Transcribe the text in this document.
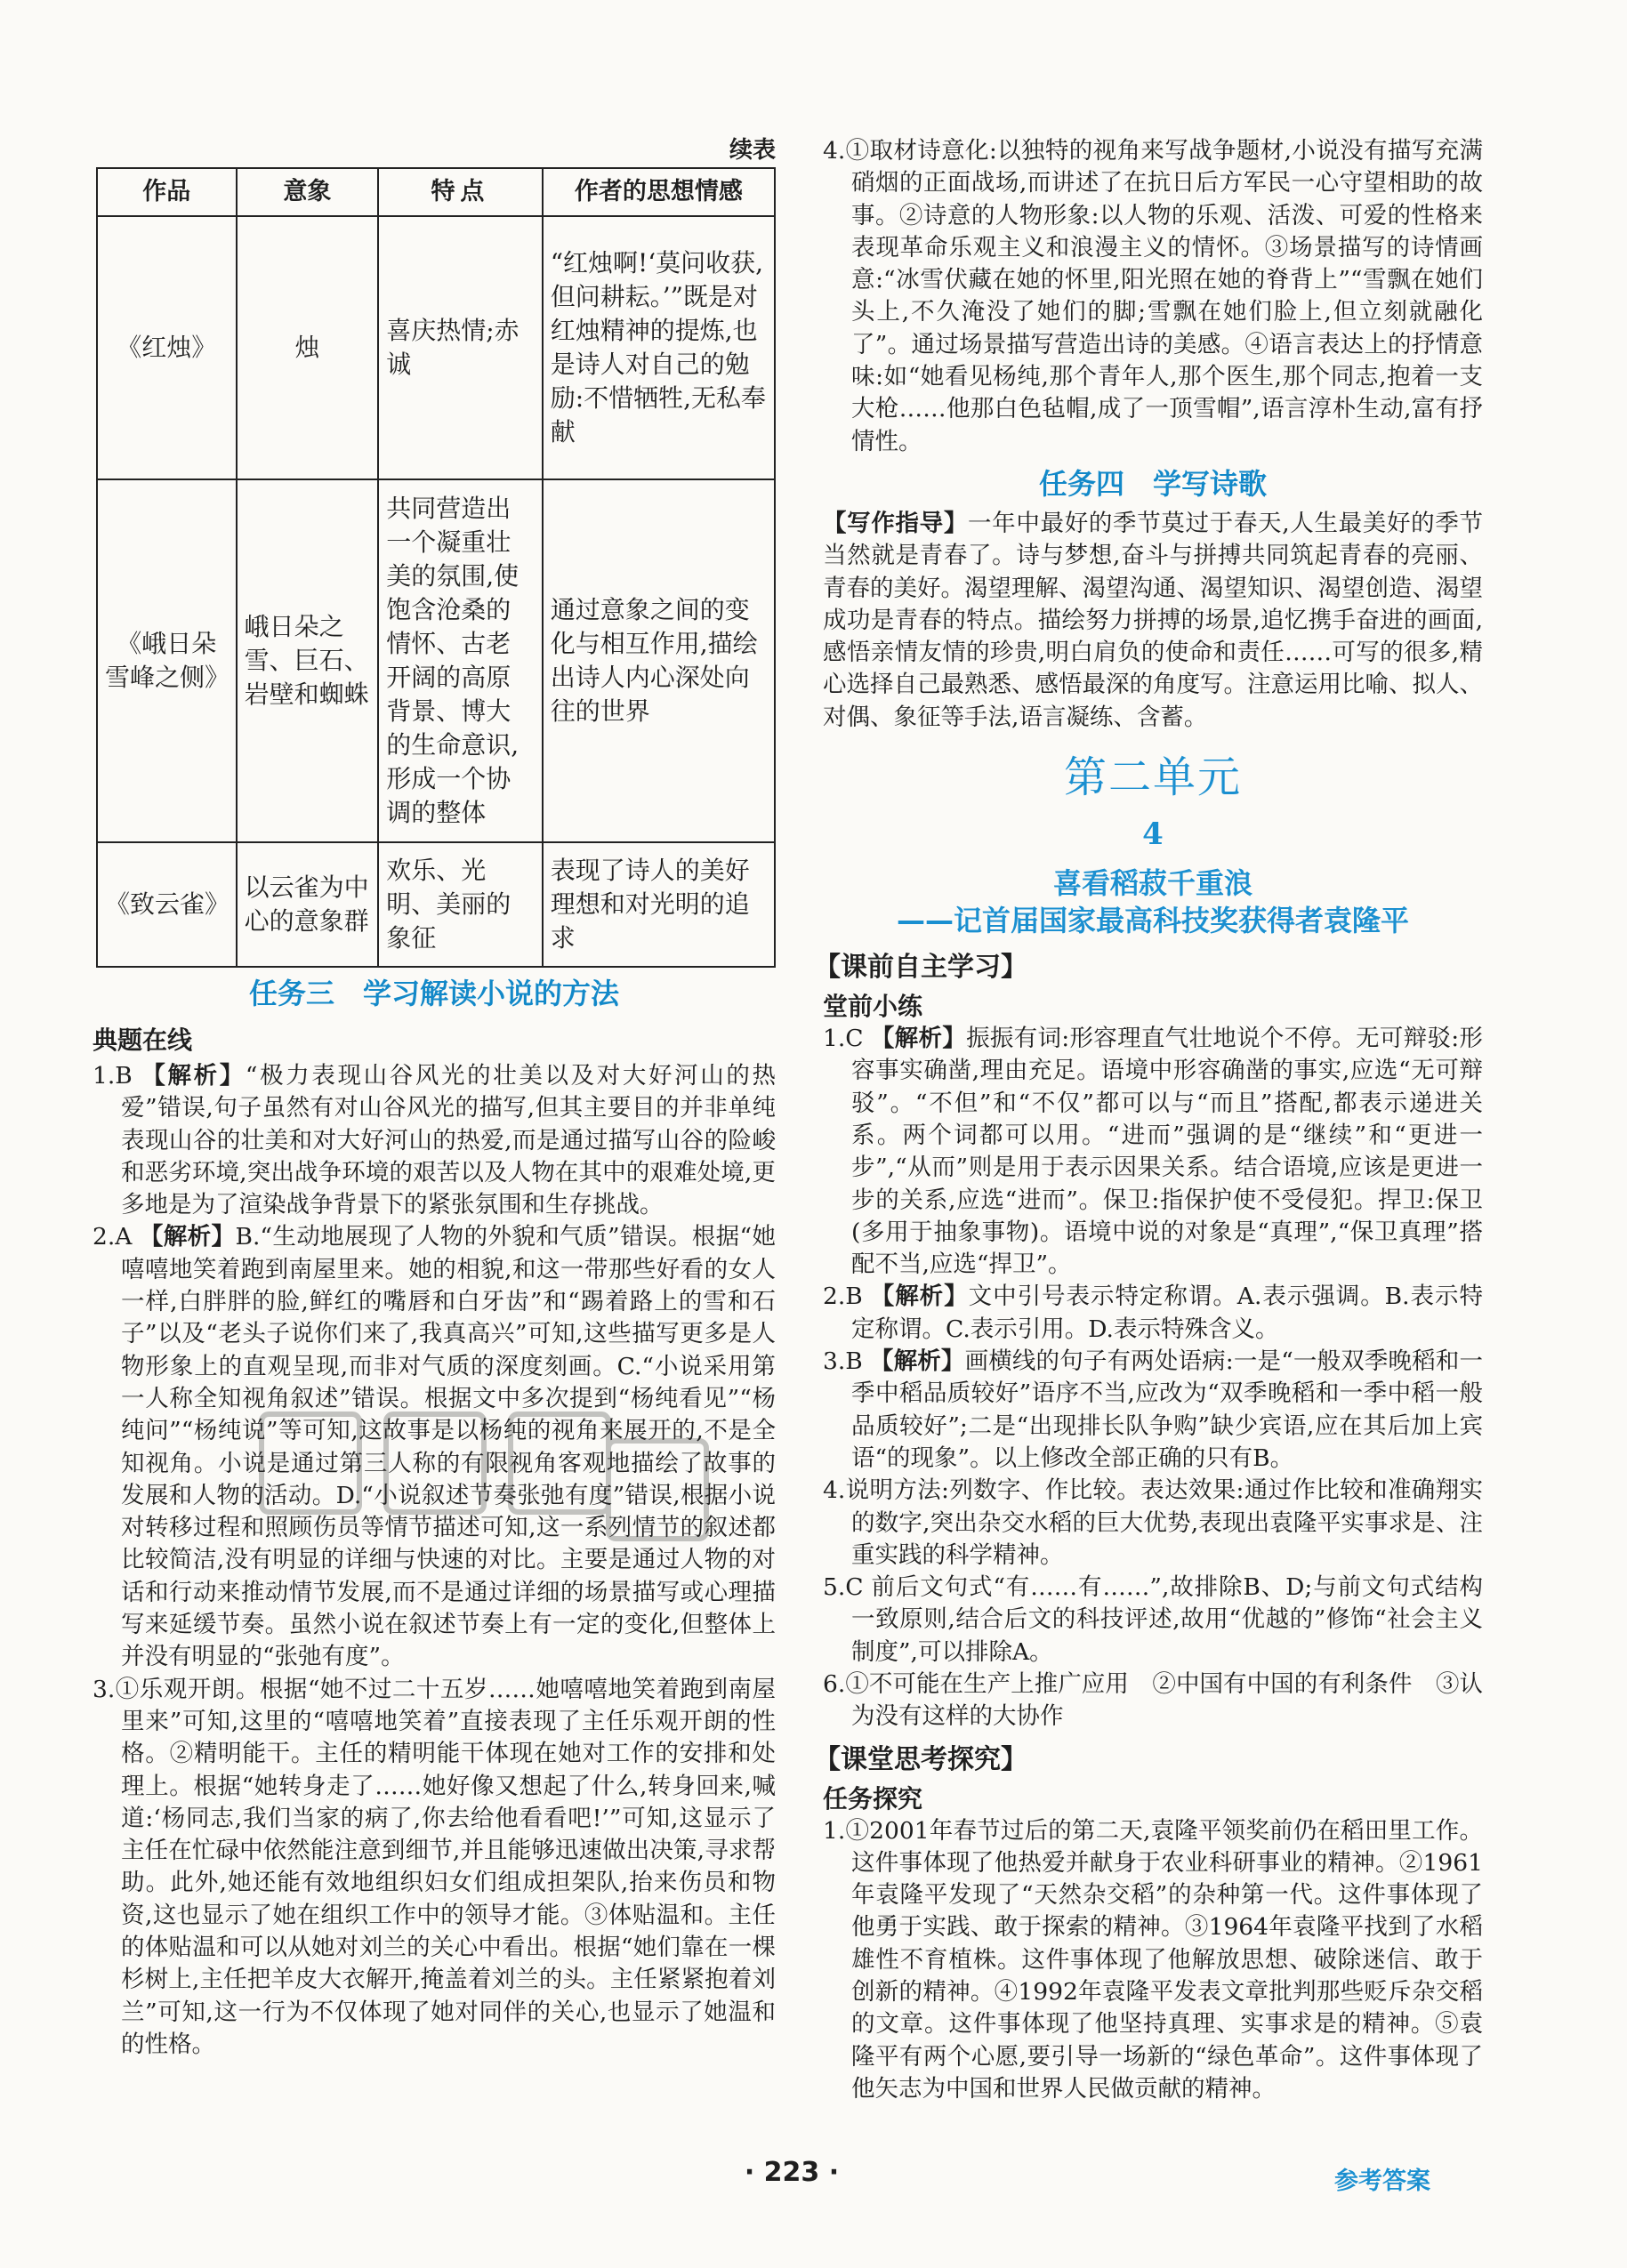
续表
作品	意象	特点	作者的思想情感
《红烛》	烛	喜庆热情;赤诚	“红烛啊!‘莫问收获,但问耕耘。’”既是对红烛精神的提炼,也是诗人对自己的勉励:不惜牺牲,无私奉献
《峨日朵雪峰之侧》	峨日朵之雪、巨石、岩壁和蜘蛛	共同营造出一个凝重壮美的氛围,使饱含沧桑的情怀、古老开阔的高原背景、博大的生命意识,形成一个协调的整体	通过意象之间的变化与相互作用,描绘出诗人内心深处向往的世界
《致云雀》	以云雀为中心的意象群	欢乐、光明、美丽的象征	表现了诗人的美好理想和对光明的追求
任务三　学习解读小说的方法
典题在线
1.B 【解析】“极力表现山谷风光的壮美以及对大好河山的热爱”错误,句子虽然有对山谷风光的描写,但其主要目的并非单纯表现山谷的壮美和对大好河山的热爱,而是通过描写山谷的险峻和恶劣环境,突出战争环境的艰苦以及人物在其中的艰难处境,更多地是为了渲染战争背景下的紧张氛围和生存挑战。
2.A 【解析】B.“生动地展现了人物的外貌和气质”错误。根据“她嘻嘻地笑着跑到南屋里来。她的相貌,和这一带那些好看的女人一样,白胖胖的脸,鲜红的嘴唇和白牙齿”和“踢着路上的雪和石子”以及“老头子说你们来了,我真高兴”可知,这些描写更多是人物形象上的直观呈现,而非对气质的深度刻画。C.“小说采用第一人称全知视角叙述”错误。根据文中多次提到“杨纯看见”“杨纯问”“杨纯说”等可知,这故事是以杨纯的视角来展开的,不是全知视角。小说是通过第三人称的有限视角客观地描绘了故事的发展和人物的活动。D.“小说叙述节奏张弛有度”错误,根据小说对转移过程和照顾伤员等情节描述可知,这一系列情节的叙述都比较简洁,没有明显的详细与快速的对比。主要是通过人物的对话和行动来推动情节发展,而不是通过详细的场景描写或心理描写来延缓节奏。虽然小说在叙述节奏上有一定的变化,但整体上并没有明显的“张弛有度”。
3.①乐观开朗。根据“她不过二十五岁……她嘻嘻地笑着跑到南屋里来”可知,这里的“嘻嘻地笑着”直接表现了主任乐观开朗的性格。②精明能干。主任的精明能干体现在她对工作的安排和处理上。根据“她转身走了……她好像又想起了什么,转身回来,喊道:‘杨同志,我们当家的病了,你去给他看看吧!’”可知,这显示了主任在忙碌中依然能注意到细节,并且能够迅速做出决策,寻求帮助。此外,她还能有效地组织妇女们组成担架队,抬来伤员和物资,这也显示了她在组织工作中的领导才能。③体贴温和。主任的体贴温和可以从她对刘兰的关心中看出。根据“她们靠在一棵杉树上,主任把羊皮大衣解开,掩盖着刘兰的头。主任紧紧抱着刘兰”可知,这一行为不仅体现了她对同伴的关心,也显示了她温和的性格。
4.①取材诗意化:以独特的视角来写战争题材,小说没有描写充满硝烟的正面战场,而讲述了在抗日后方军民一心守望相助的故事。②诗意的人物形象:以人物的乐观、活泼、可爱的性格来表现革命乐观主义和浪漫主义的情怀。③场景描写的诗情画意:“冰雪伏藏在她的怀里,阳光照在她的脊背上”“雪飘在她们头上,不久淹没了她们的脚;雪飘在她们脸上,但立刻就融化了”。通过场景描写营造出诗的美感。④语言表达上的抒情意味:如“她看见杨纯,那个青年人,那个医生,那个同志,抱着一支大枪……他那白色毡帽,成了一顶雪帽”,语言淳朴生动,富有抒情性。
任务四　学写诗歌
【写作指导】一年中最好的季节莫过于春天,人生最美好的季节当然就是青春了。诗与梦想,奋斗与拼搏共同筑起青春的亮丽、青春的美好。渴望理解、渴望沟通、渴望知识、渴望创造、渴望成功是青春的特点。描绘努力拼搏的场景,追忆携手奋进的画面,感悟亲情友情的珍贵,明白肩负的使命和责任……可写的很多,精心选择自己最熟悉、感悟最深的角度写。注意运用比喻、拟人、对偶、象征等手法,语言凝练、含蓄。
第二单元
4
喜看稻菽千重浪
——记首届国家最高科技奖获得者袁隆平
【课前自主学习】
堂前小练
1.C 【解析】振振有词:形容理直气壮地说个不停。无可辩驳:形容事实确凿,理由充足。语境中形容确凿的事实,应选“无可辩驳”。“不但”和“不仅”都可以与“而且”搭配,都表示递进关系。两个词都可以用。“进而”强调的是“继续”和“更进一步”,“从而”则是用于表示因果关系。结合语境,应该是更进一步的关系,应选“进而”。保卫:指保护使不受侵犯。捍卫:保卫(多用于抽象事物)。语境中说的对象是“真理”,“保卫真理”搭配不当,应选“捍卫”。
2.B 【解析】文中引号表示特定称谓。A.表示强调。B.表示特定称谓。C.表示引用。D.表示特殊含义。
3.B 【解析】画横线的句子有两处语病:一是“一般双季晚稻和一季中稻品质较好”语序不当,应改为“双季晚稻和一季中稻一般品质较好”;二是“出现排长队争购”缺少宾语,应在其后加上宾语“的现象”。以上修改全部正确的只有B。
4.说明方法:列数字、作比较。表达效果:通过作比较和准确翔实的数字,突出杂交水稻的巨大优势,表现出袁隆平实事求是、注重实践的科学精神。
5.C 前后文句式“有……有……”,故排除B、D;与前文句式结构一致原则,结合后文的科技评述,故用“优越的”修饰“社会主义制度”,可以排除A。
6.①不可能在生产上推广应用　②中国有中国的有利条件　③认为没有这样的大协作
【课堂思考探究】
任务探究
1.①2001年春节过后的第二天,袁隆平领奖前仍在稻田里工作。这件事体现了他热爱并献身于农业科研事业的精神。②1961年袁隆平发现了“天然杂交稻”的杂种第一代。这件事体现了他勇于实践、敢于探索的精神。③1964年袁隆平找到了水稻雄性不育植株。这件事体现了他解放思想、破除迷信、敢于创新的精神。④1992年袁隆平发表文章批判那些贬斥杂交稻的文章。这件事体现了他坚持真理、实事求是的精神。⑤袁隆平有两个心愿,要引导一场新的“绿色革命”。这件事体现了他矢志为中国和世界人民做贡献的精神。
· 223 ·	参考答案
